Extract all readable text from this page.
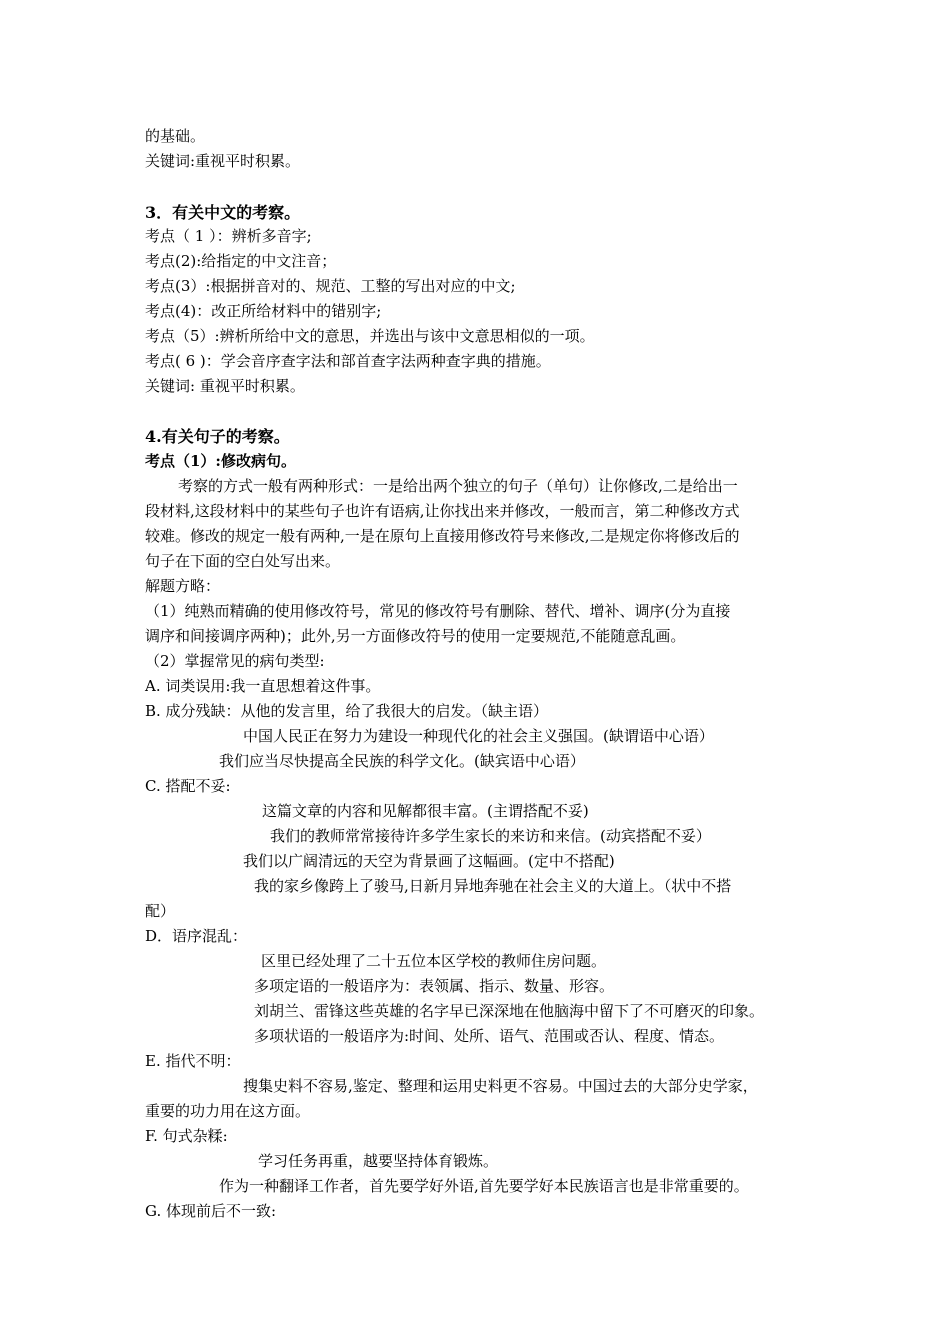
的基础。
关键词:重视平时积累。
3．有关中文的考察。
考点（ 1 ）：辨析多音字;
考点(2):给指定的中文注音；
考点(3）:根据拼音对的、规范、工整的写出对应的中文;
考点(4)：改正所给材料中的错别字;
考点（5）:辨析所给中文的意思，并选出与该中文意思相似的一项。
考点( 6 )：学会音序查字法和部首查字法两种查字典的措施。
关键词: 重视平时积累。
4.有关句子的考察。
考点（1）:修改病句。
考察的方式一般有两种形式：一是给出两个独立的句子（单句）让你修改,二是给出一
段材料,这段材料中的某些句子也许有语病,让你找出来并修改，一般而言，第二种修改方式
较难。修改的规定一般有两种,一是在原句上直接用修改符号来修改,二是规定你将修改后的
句子在下面的空白处写出来。
解题方略：
（1）纯熟而精确的使用修改符号，常见的修改符号有删除、替代、增补、调序(分为直接
调序和间接调序两种)；此外,另一方面修改符号的使用一定要规范,不能随意乱画。
（2）掌握常见的病句类型:
A. 词类误用:我一直思想着这件事。
B. 成分残缺：从他的发言里，给了我很大的启发。（缺主语）
中国人民正在努力为建设一种现代化的社会主义强国。(缺谓语中心语）
我们应当尽快提高全民族的科学文化。(缺宾语中心语）
C. 搭配不妥:
这篇文章的内容和见解都很丰富。(主谓搭配不妥)
我们的教师常常接待许多学生家长的来访和来信。(动宾搭配不妥）
我们以广阔清远的天空为背景画了这幅画。(定中不搭配)
我的家乡像跨上了骏马,日新月异地奔驰在社会主义的大道上。（状中不搭
配）
D．语序混乱：
区里已经处理了二十五位本区学校的教师住房问题。
多项定语的一般语序为：表领属、指示、数量、形容。
刘胡兰、雷锋这些英雄的名字早已深深地在他脑海中留下了不可磨灭的印象。
多项状语的一般语序为:时间、处所、语气、范围或否认、程度、情态。
E. 指代不明：
搜集史料不容易,鉴定、整理和运用史料更不容易。中国过去的大部分史学家，
重要的功力用在这方面。
F. 句式杂糅:
学习任务再重，越要坚持体育锻炼。
作为一种翻译工作者，首先要学好外语,首先要学好本民族语言也是非常重要的。
G. 体现前后不一致:
